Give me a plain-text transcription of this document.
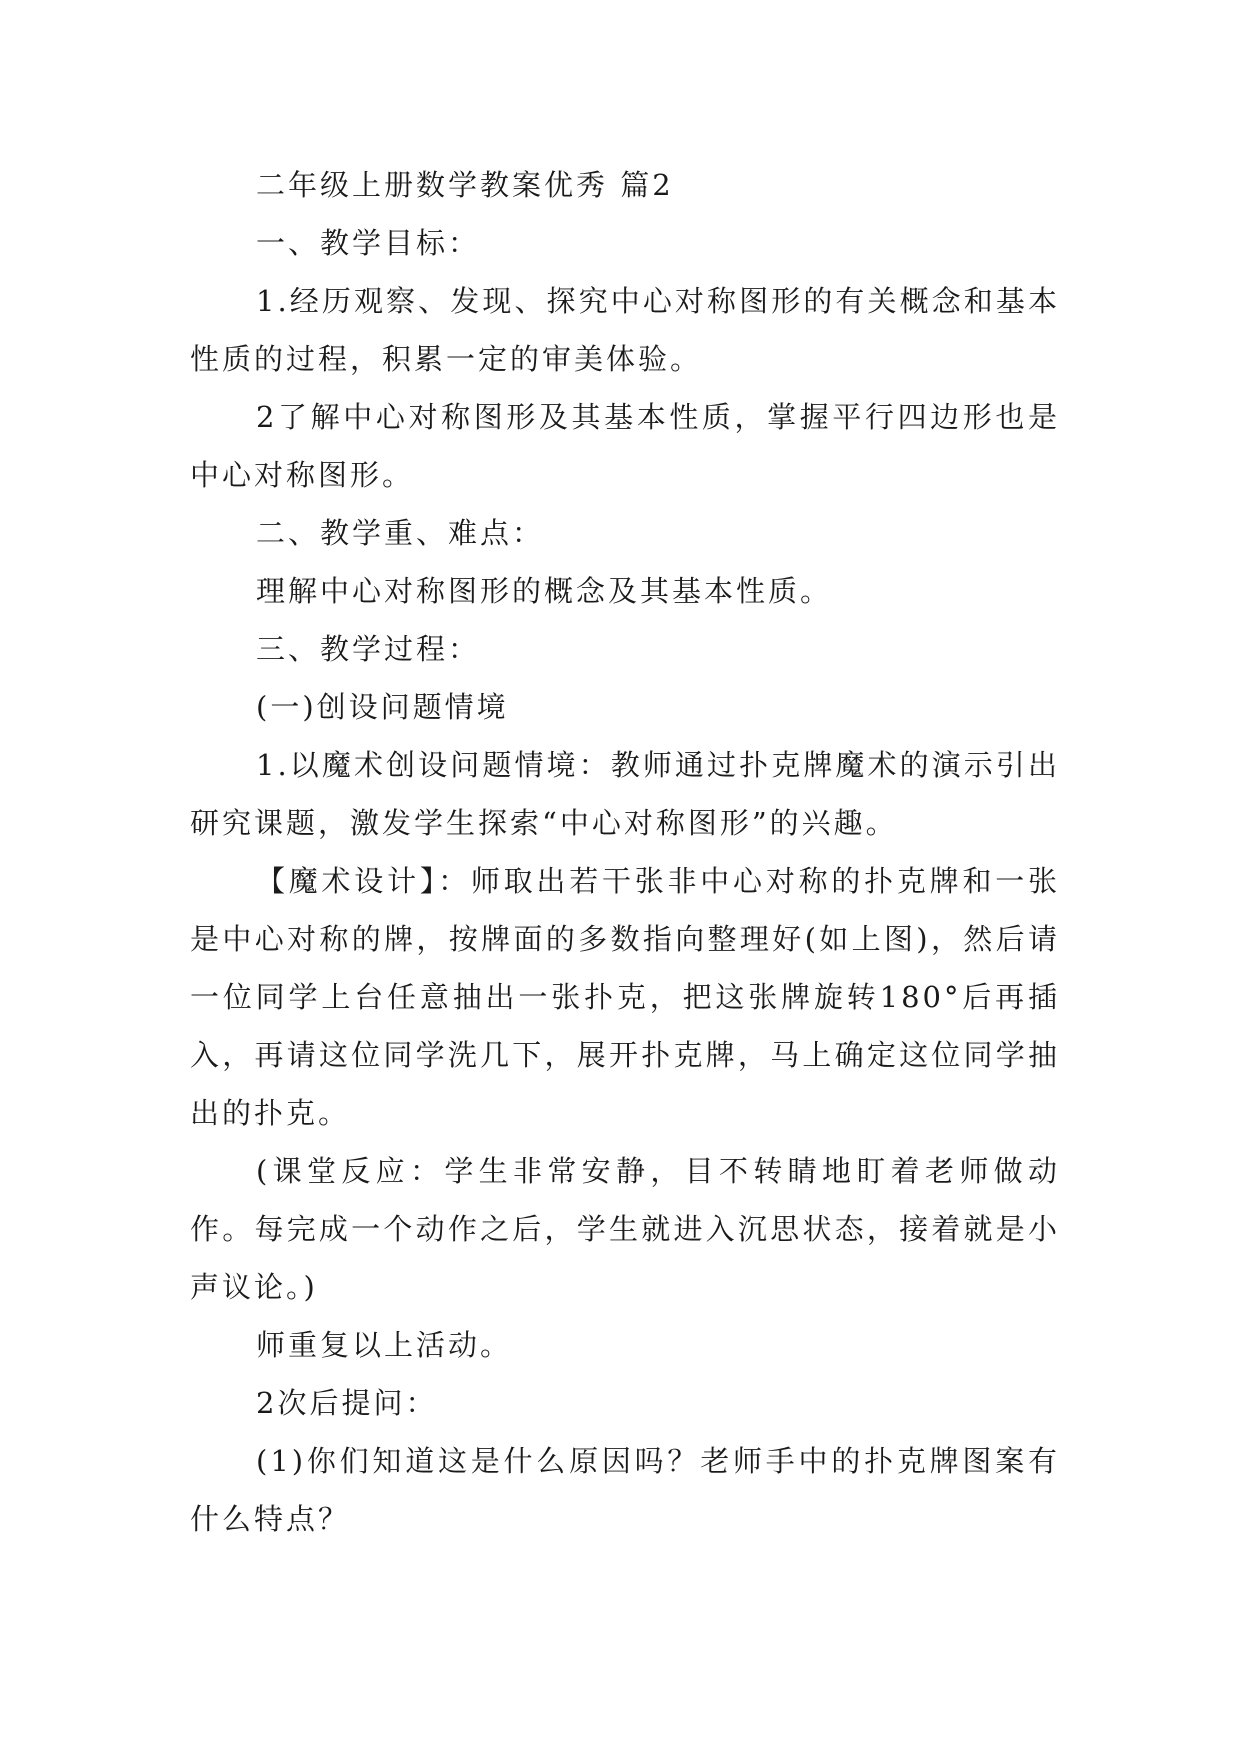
二年级上册数学教案优秀 篇2

一、教学目标：

1.经历观察、发现、探究中心对称图形的有关概念和基本性质的过程，积累一定的审美体验。

2了解中心对称图形及其基本性质，掌握平行四边形也是中心对称图形。

二、教学重、难点：

理解中心对称图形的概念及其基本性质。

三、教学过程：

(一)创设问题情境

1.以魔术创设问题情境：教师通过扑克牌魔术的演示引出研究课题，激发学生探索“中心对称图形”的兴趣。

【魔术设计】：师取出若干张非中心对称的扑克牌和一张是中心对称的牌，按牌面的多数指向整理好(如上图)，然后请一位同学上台任意抽出一张扑克，把这张牌旋转180°后再插入，再请这位同学洗几下，展开扑克牌，马上确定这位同学抽出的扑克。

(课堂反应：学生非常安静，目不转睛地盯着老师做动作。每完成一个动作之后，学生就进入沉思状态，接着就是小声议论。)

师重复以上活动。

2次后提问：

(1)你们知道这是什么原因吗？老师手中的扑克牌图案有什么特点？
